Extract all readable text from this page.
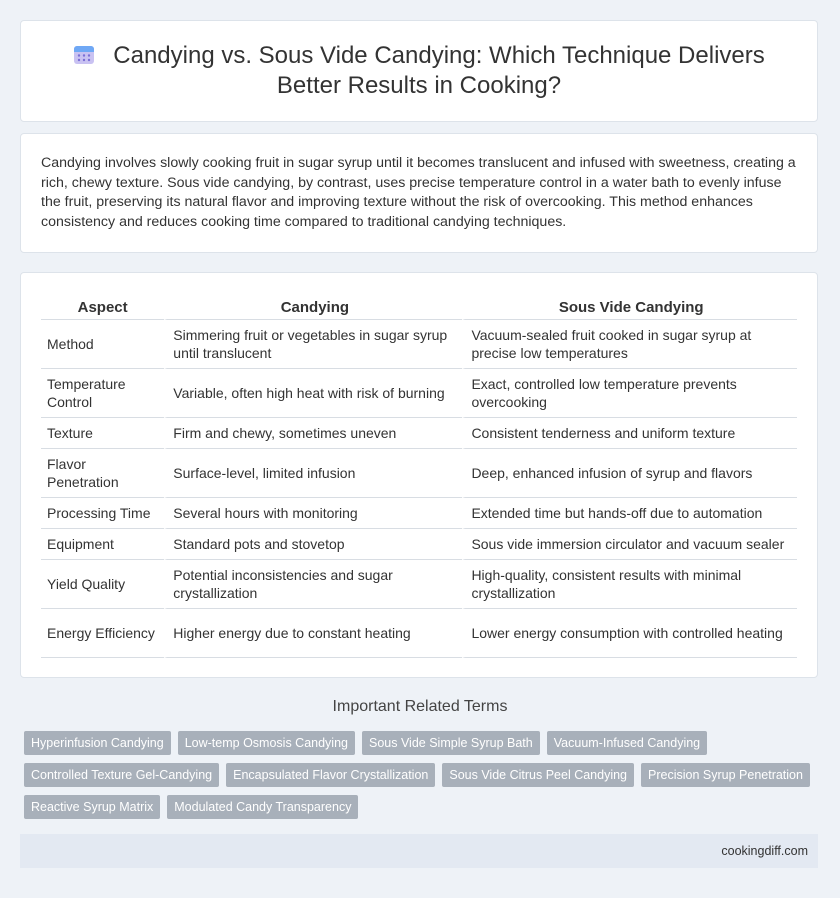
Candying vs. Sous Vide Candying: Which Technique Delivers Better Results in Cooking?

Candying involves slowly cooking fruit in sugar syrup until it becomes translucent and infused with sweetness, creating a rich, chewy texture. Sous vide candying, by contrast, uses precise temperature control in a water bath to evenly infuse the fruit, preserving its natural flavor and improving texture without the risk of overcooking. This method enhances consistency and reduces cooking time compared to traditional candying techniques.

Aspect	Candying	Sous Vide Candying
Method	Simmering fruit or vegetables in sugar syrup until translucent	Vacuum-sealed fruit cooked in sugar syrup at precise low temperatures
Temperature Control	Variable, often high heat with risk of burning	Exact, controlled low temperature prevents overcooking
Texture	Firm and chewy, sometimes uneven	Consistent tenderness and uniform texture
Flavor Penetration	Surface-level, limited infusion	Deep, enhanced infusion of syrup and flavors
Processing Time	Several hours with monitoring	Extended time but hands-off due to automation
Equipment	Standard pots and stovetop	Sous vide immersion circulator and vacuum sealer
Yield Quality	Potential inconsistencies and sugar crystallization	High-quality, consistent results with minimal crystallization
Energy Efficiency	Higher energy due to constant heating	Lower energy consumption with controlled heating
Important Related Terms
Hyperinfusion Candying	Low-temp Osmosis Candying	Sous Vide Simple Syrup Bath	Vacuum-Infused Candying
Controlled Texture Gel-Candying	Encapsulated Flavor Crystallization	Sous Vide Citrus Peel Candying	Precision Syrup Penetration
Reactive Syrup Matrix	Modulated Candy Transparency
cookingdiff.com
